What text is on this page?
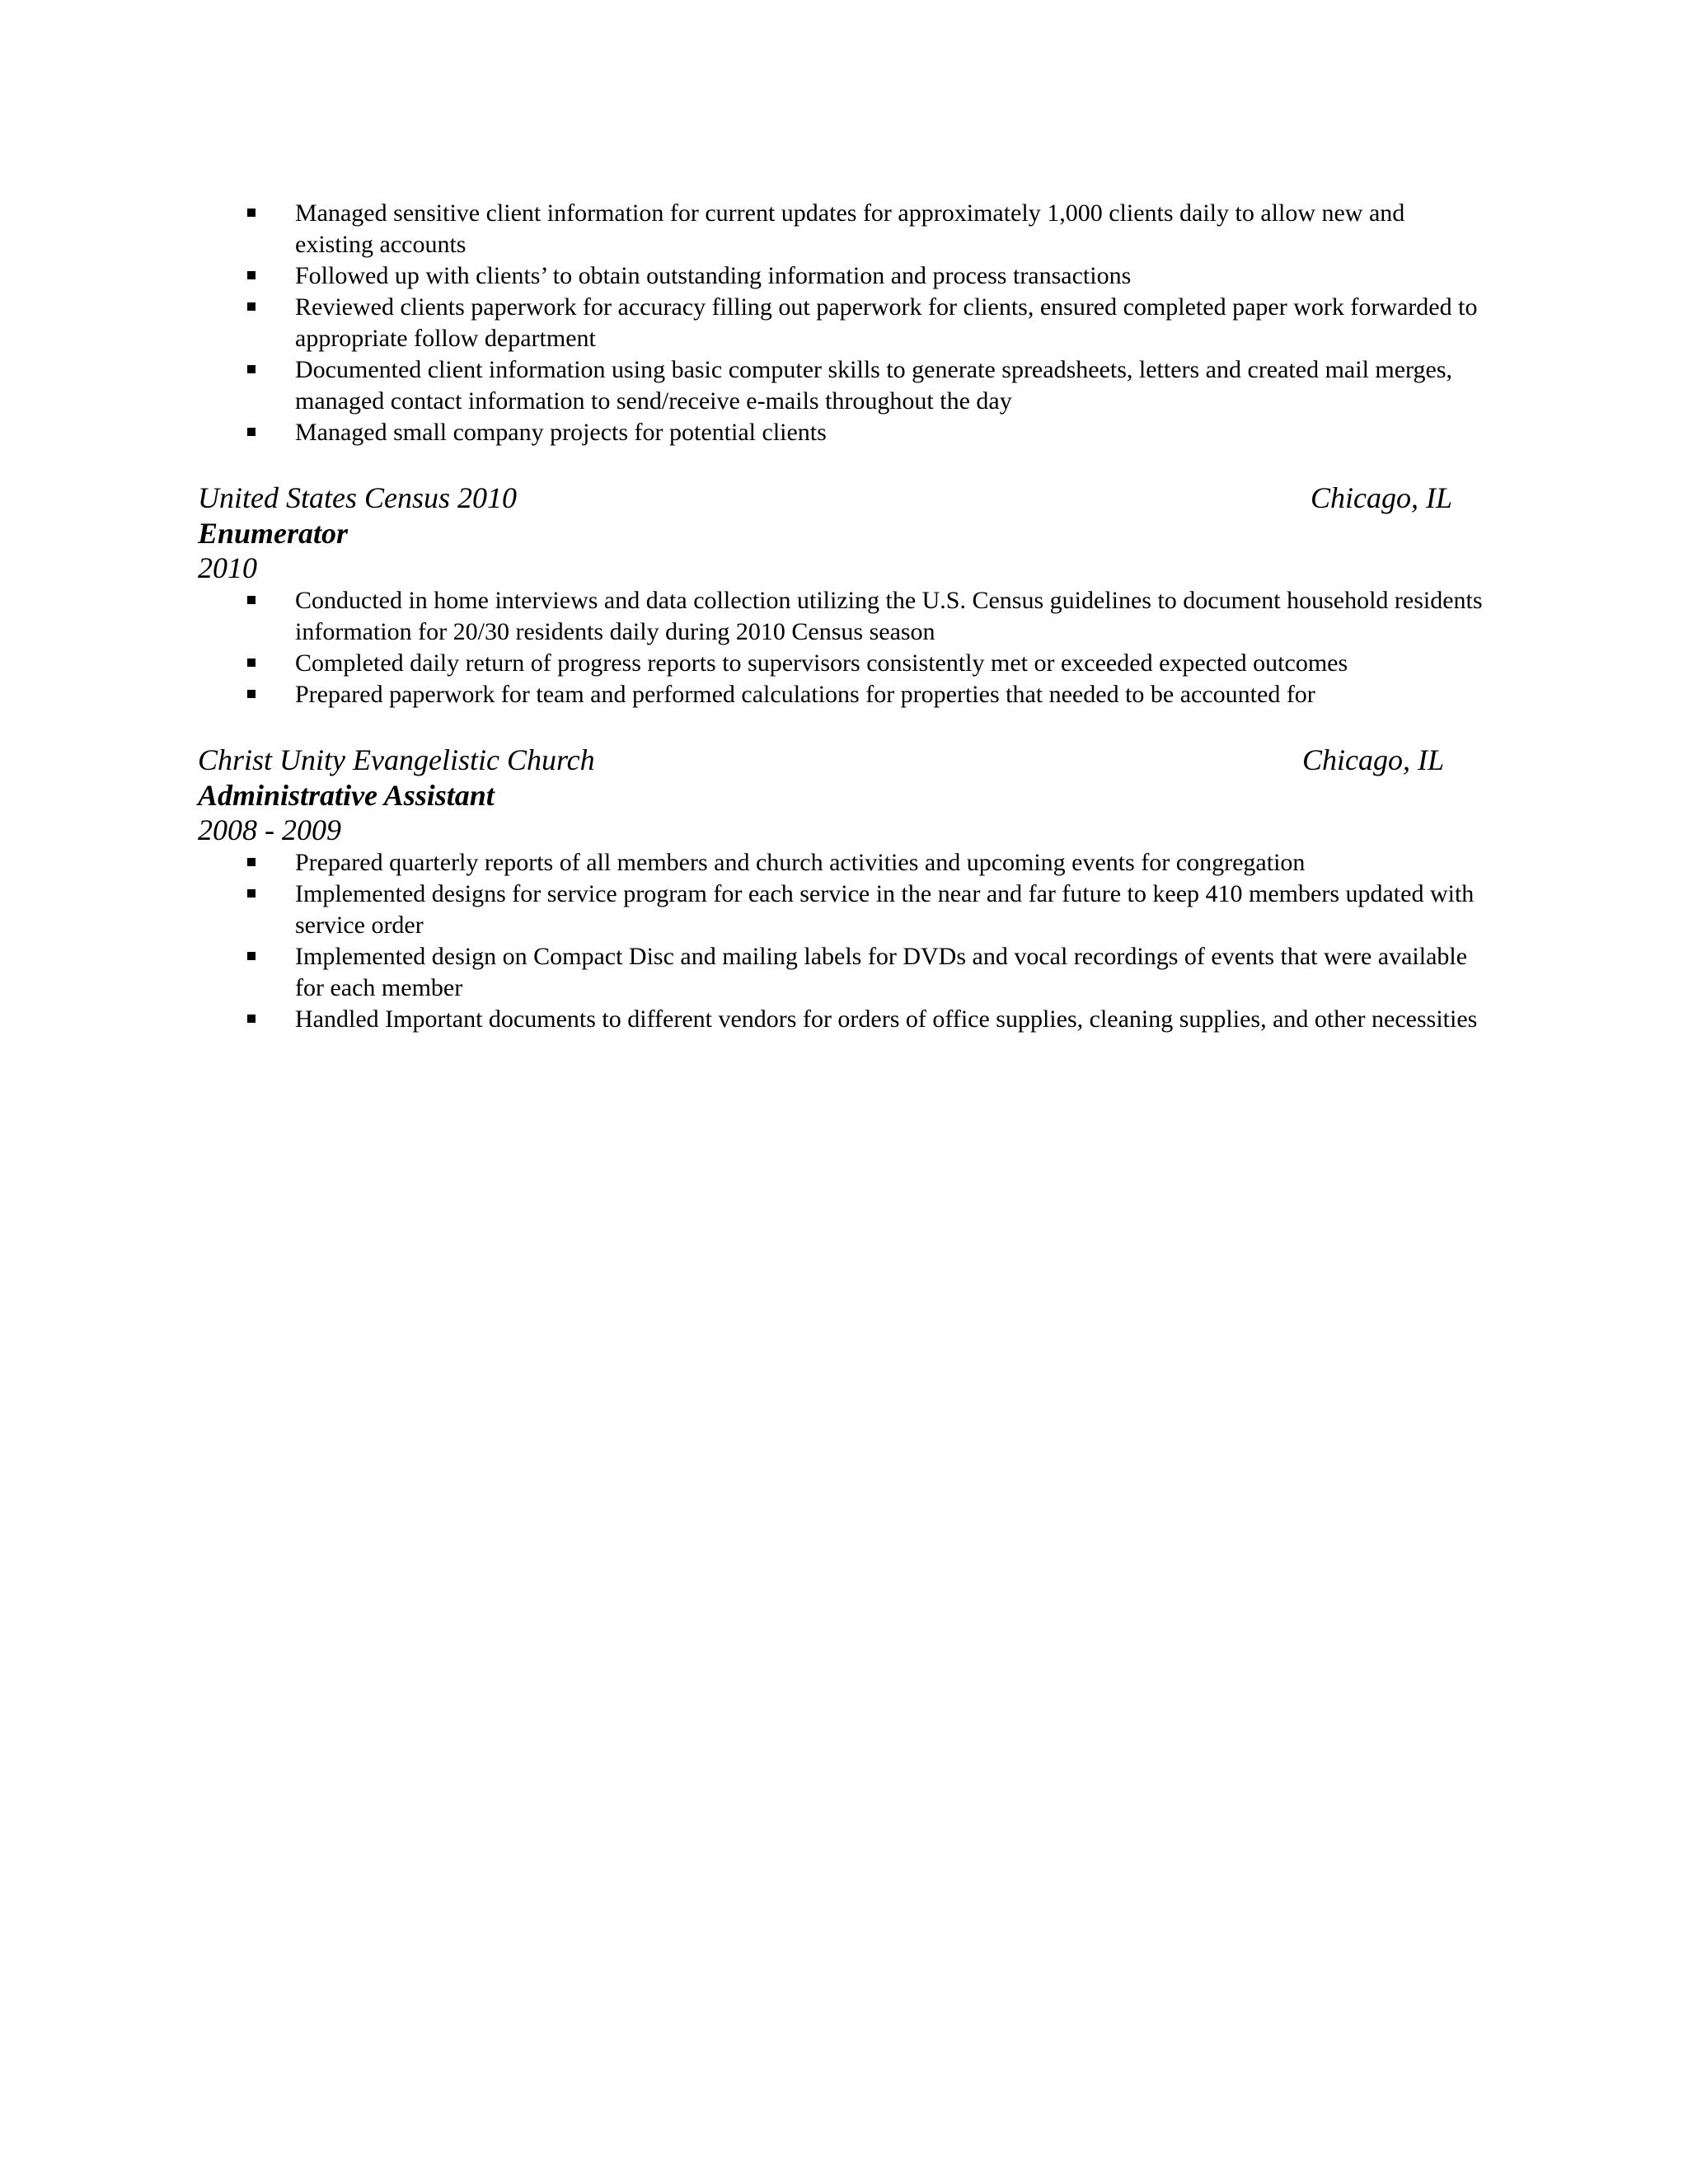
Managed sensitive client information for current updates for approximately 1,000 clients daily to allow new and existing accounts
Followed up with clients’ to obtain outstanding information and process transactions
Reviewed clients paperwork for accuracy filling out paperwork for clients, ensured completed paper work forwarded to appropriate follow department
Documented client information using basic computer skills to generate spreadsheets, letters and created mail merges, managed contact information to send/receive e-mails throughout the day
Managed small company projects for potential clients
United States Census 2010	Chicago, IL
Enumerator
2010
Conducted in home interviews and data collection utilizing the U.S. Census guidelines to document household residents information for 20/30 residents daily during 2010 Census season
Completed daily return of progress reports to supervisors consistently met or exceeded expected outcomes
Prepared paperwork for team and performed calculations for properties that needed to be accounted for
Christ Unity Evangelistic Church	Chicago, IL
Administrative Assistant
2008 - 2009
Prepared quarterly reports of all members and church activities and upcoming events for congregation
Implemented designs for service program for each service in the near and far future to keep 410 members updated with service order
Implemented design on Compact Disc and mailing labels for DVDs and vocal recordings of events that were available for each member
Handled Important documents to different vendors for orders of office supplies, cleaning supplies, and other necessities
